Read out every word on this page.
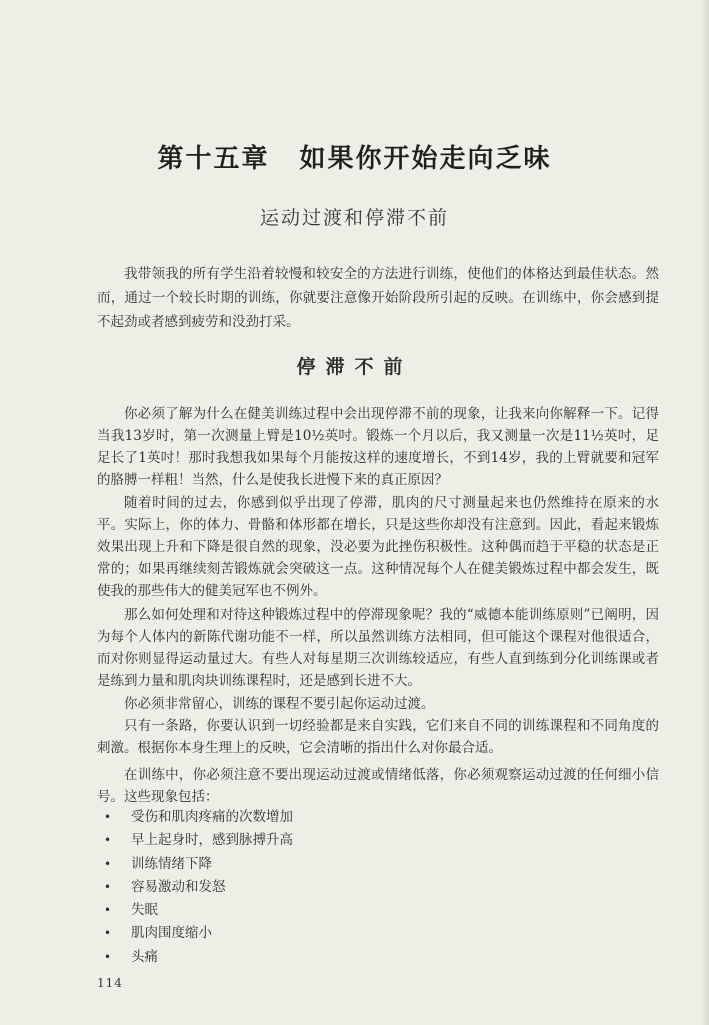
第十五章 如果你开始走向乏味
运动过渡和停滞不前

我带领我的所有学生沿着较慢和较安全的方法进行训练，使他们的体格达到最佳状态。然而，通过一个较长时期的训练，你就要注意像开始阶段所引起的反映。在训练中，你会感到提不起劲或者感到疲劳和没劲打采。

停滞不前

你必须了解为什么在健美训练过程中会出现停滞不前的现象，让我来向你解释一下。记得当我13岁时，第一次测量上臂是10½英吋。锻炼一个月以后，我又测量一次是11½英吋，足足长了1英吋！那时我想我如果每个月能按这样的速度增长，不到14岁，我的上臂就要和冠军的胳膊一样粗！当然，什么是使我长进慢下来的真正原因？

随着时间的过去，你感到似乎出现了停滞，肌肉的尺寸测量起来也仍然维持在原来的水平。实际上，你的体力、骨骼和体形都在增长，只是这些你却没有注意到。因此，看起来锻炼效果出现上升和下降是很自然的现象，没必要为此挫伤积极性。这种偶而趋于平稳的状态是正常的；如果再继续刻苦锻炼就会突破这一点。这种情况每个人在健美锻炼过程中都会发生，既使我的那些伟大的健美冠军也不例外。

那么如何处理和对待这种锻炼过程中的停滞现象呢？我的“威德本能训练原则”已阐明，因为每个人体内的新陈代谢功能不一样，所以虽然训练方法相同，但可能这个课程对他很适合，而对你则显得运动量过大。有些人对每星期三次训练较适应，有些人直到练到分化训练课或者是练到力量和肌肉块训练课程时，还是感到长进不大。

你必须非常留心，训练的课程不要引起你运动过渡。

只有一条路，你要认识到一切经验都是来自实践，它们来自不同的训练课程和不同角度的刺激。根据你本身生理上的反映，它会清晰的指出什么对你最合适。

在训练中，你必须注意不要出现运动过渡或情绪低落，你必须观察运动过渡的任何细小信号。这些现象包括：

• 受伤和肌肉疼痛的次数增加
• 早上起身时，感到脉搏升高
• 训练情绪下降
• 容易激动和发怒
• 失眠
• 肌肉围度缩小
• 头痛
114
